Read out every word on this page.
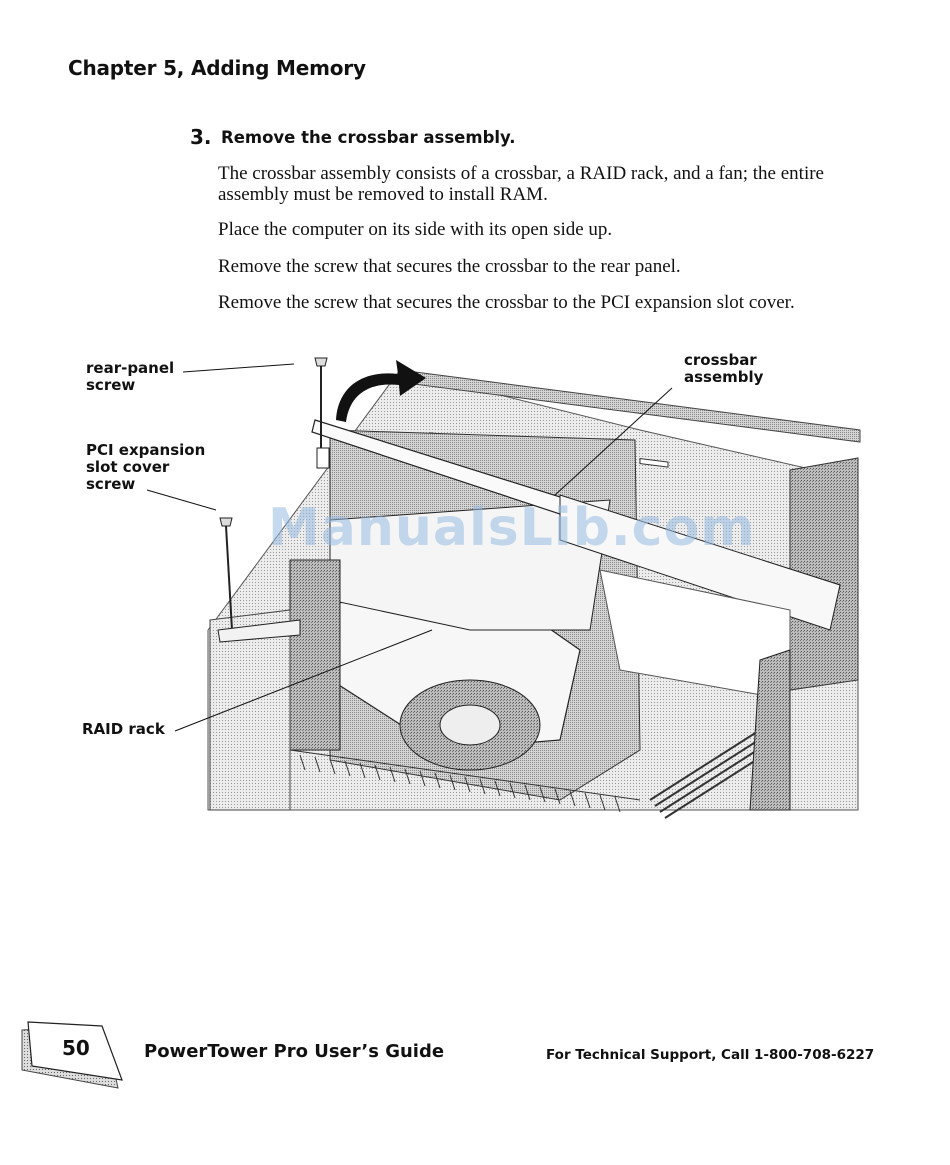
Chapter 5, Adding Memory
3. Remove the crossbar assembly.
The crossbar assembly consists of a crossbar, a RAID rack, and a fan; the entire assembly must be removed to install RAM.
Place the computer on its side with its open side up.
Remove the screw that secures the crossbar to the rear panel.
Remove the screw that secures the crossbar to the PCI expansion slot cover.
rear-panel
screw
PCI expansion
slot cover
screw
RAID rack
crossbar
assembly
ManualsLib.com
50	PowerTower Pro User’s Guide	For Technical Support, Call 1-800-708-6227
